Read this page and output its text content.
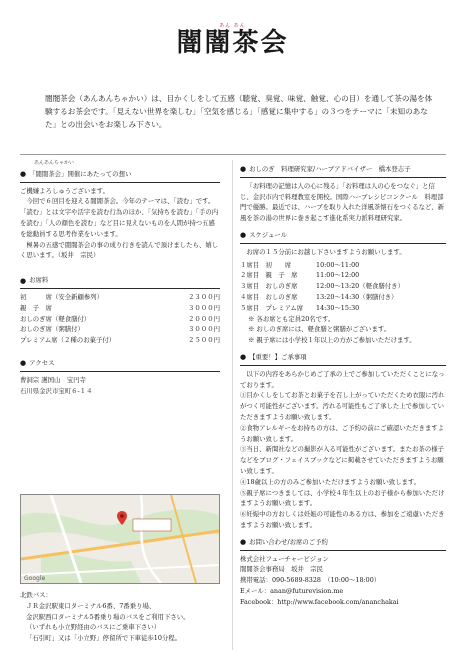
あん あん
闇闇茶会
闇闇茶会（あんあんちゃかい）は、目かくしをして五感（聴覚、臭覚、味覚、触覚、心の目）を通して茶の湯を体験するお茶会です。「見えない世界を楽しむ」「空気を感じる」「感覚に集中する」の３つをテーマに「未知のあなた」との出会いをお楽しみ下さい。
あんあんちゃかい
● 「闇闇茶会」開催にあたっての想い
ご機嫌よろしゅうございます。
今回で６回目を迎える闇闇茶会。今年のテーマは、「読む」です。「読む」とは文字や活字を読む行為のほか、「気持ちを読む」「手の内を読む」「人の顔色を読む」など目に見えないものを人間が持つ五感を総動員する思考作業をいいます。
極暑の五感で闇闇茶会の事の成り行きを読んで頂けましたら、嬉しく思います。（坂井　宗民）
● お席料
初　　　席（安全新顧参列）	２３００円
親　子　席	３０００円
おしのぎ席（軽食膳付）	２０００円
おしのぎ席（粥膳付）	３０００円
プレミアム席（２種のお菓子付）	２５００円
● アクセス
曹洞宗 護国山　宝円寺
石川県金沢市宝町６-１４
Google
北鉄バス：
ＪＲ金沢駅東口ターミナル6番、7番乗り場、
金沢駅西口ターミナル5番乗り場のバスをご利用下さい。
（いずれも小立野経由のバスにご乗車下さい）
「石引町」又は「小立野」停留所で下車徒歩10分程。
● おしのぎ　料理研究家/ハーブアドバイザー　橋本登志子
「お料理の記憶は人の心に残る」「お料理は人の心をつなぐ」と信じ、金沢市内で料理教室を開校。国際ハーブレシピコンクール　料理部門で優勝。最近では、ハーブを取り入れた洋風茶懐石をつくるなど、新風を茶の湯の世界に巻き起こす進化系実力派料理研究家。
● スケジュール
お席の１５分前にお越し下さいますようお願いします。
１席目　初　　席	10:00～11:00
２席目　親　子　席	11:00～12:00
３席目　おしのぎ席	12:00～13:20（軽食膳付き）
４席目　おしのぎ席	13:20～14:30（粥膳付き）
５席目　プレミアム席	14:30～15:30
※ 各お席とも定員20名です。
※ おしのぎ席には、軽食膳と粥膳がございます。
※ 親子席には小学校１年以上の方がご参加いただけます。
● 【重要！】ご承事項
以下の内容をあらかじめご了承の上でご参加していただくことになっております。
①目かくしをしてお茶とお菓子を召し上がっていただくため衣服に汚れがつく可能性がございます。汚れる可能性もご了承した上で参加していただきますようお願い致します。
②食物アレルギーをお持ちの方は、ご予約の前にご確認いただきますようお願い致します。
③当日、新聞社などの撮影が入る可能性がございます。またお茶の様子などをブログ・フェイスブックなどに掲載させていただきますようお願い致します。
④18歳以上の方のみご参加いただけますようお願い致します。
⑤親子席につきましては、小学校４年生以上のお子様から参加いただけますようお願い致します。
⑥妊娠中の方おしくは妊娠の可能性のある方は、参加をご遠慮いただきますようお願い致します。
● お問い合わせ/お席のご予約
株式会社フューチャービジョン
闇闇茶会事務局　坂井　宗民
携帯電話：090-5689-8328　（10:00～18:00）
Eメール：anan@futurevision.me
Facebook：http://www.facebook.com/ananchakai
